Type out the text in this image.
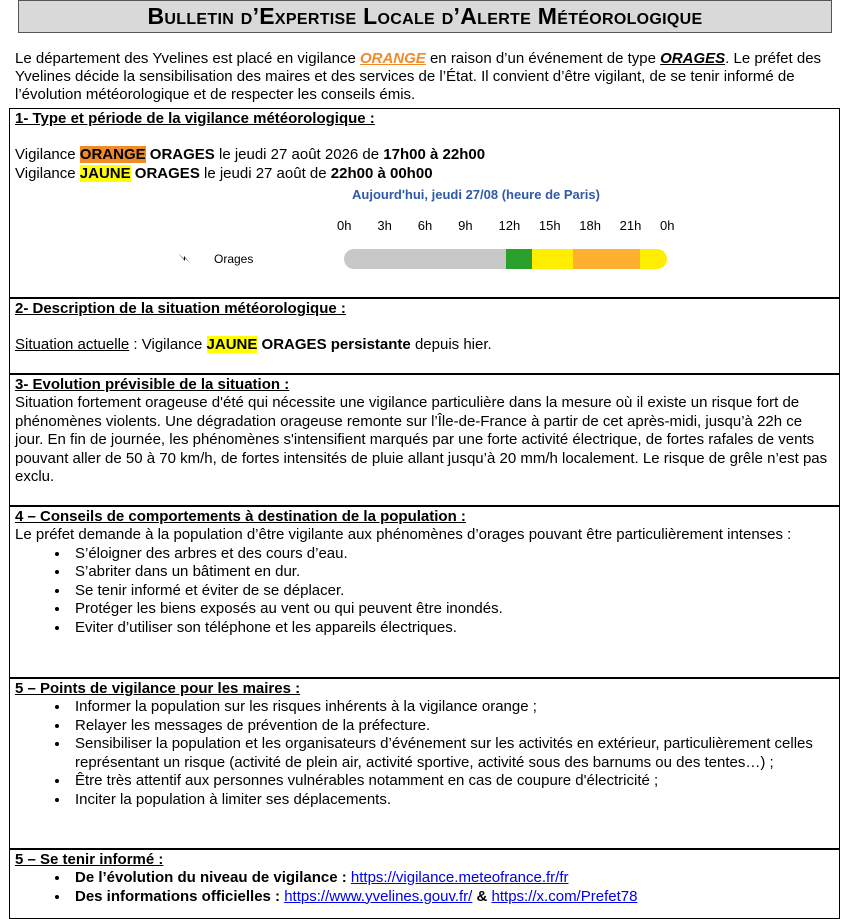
Bulletin d’Expertise Locale d’Alerte Météorologique
Le département des Yvelines est placé en vigilance ORANGE en raison d’un événement de type ORAGES. Le préfet des Yvelines décide la sensibilisation des maires et des services de l’État. Il convient d’être vigilant, de se tenir informé de l’évolution météorologique et de respecter les conseils émis.
1- Type et période de la vigilance météorologique :

Vigilance ORANGE ORAGES le jeudi 27 août 2026 de 17h00 à 22h00

Vigilance JAUNE ORAGES le jeudi 27 août de 22h00 à 00h00

Aujourd'hui, jeudi 27/08 (heure de Paris)
0h 3h 6h 9h 12h 15h 18h 21h 0h
Orages
2- Description de la situation météorologique :

Situation actuelle : Vigilance JAUNE ORAGES persistante depuis hier.

3- Evolution prévisible de la situation :

Situation fortement orageuse d'été qui nécessite une vigilance particulière dans la mesure où il existe un risque fort de phénomènes violents. Une dégradation orageuse remonte sur l’Île-de-France à partir de cet après-midi, jusqu’à 22h ce jour. En fin de journée, les phénomènes s'intensifient marqués par une forte activité électrique, de fortes rafales de vents pouvant aller de 50 à 70 km/h, de fortes intensités de pluie allant jusqu’à 20 mm/h localement. Le risque de grêle n’est pas exclu.

4 – Conseils de comportements à destination de la population :

Le préfet demande à la population d’être vigilante aux phénomènes d’orages pouvant être particulièrement intenses :

• S’éloigner des arbres et des cours d’eau.
• S’abriter dans un bâtiment en dur.
• Se tenir informé et éviter de se déplacer.
• Protéger les biens exposés au vent ou qui peuvent être inondés.
• Eviter d’utiliser son téléphone et les appareils électriques.
5 – Points de vigilance pour les maires :
• Informer la population sur les risques inhérents à la vigilance orange ;
• Relayer les messages de prévention de la préfecture.
• Sensibiliser la population et les organisateurs d’événement sur les activités en extérieur, particulièrement celles représentant un risque (activité de plein air, activité sportive, activité sous des barnums ou des tentes…) ;
• Être très attentif aux personnes vulnérables notamment en cas de coupure d'électricité ;
• Inciter la population à limiter ses déplacements.
5 – Se tenir informé :
• De l’évolution du niveau de vigilance : https://vigilance.meteofrance.fr/fr
• Des informations officielles : https://www.yvelines.gouv.fr/ & https://x.com/Prefet78
